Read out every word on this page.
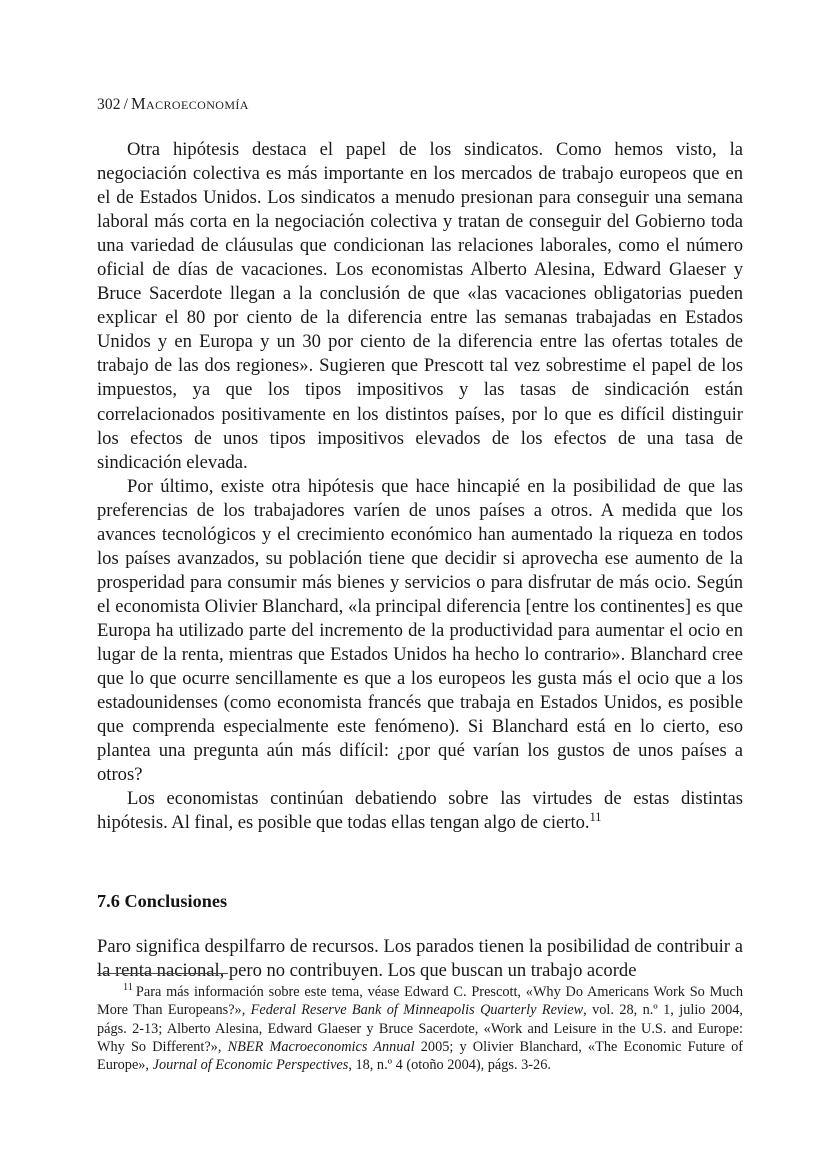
302 / Macroeconomía

Otra hipótesis destaca el papel de los sindicatos. Como hemos visto, la negociación colectiva es más importante en los mercados de trabajo europeos que en el de Estados Unidos. Los sindicatos a menudo presionan para conseguir una semana laboral más corta en la negociación colectiva y tratan de conseguir del Gobierno toda una variedad de cláusulas que condicionan las relaciones laborales, como el número oficial de días de vacaciones. Los economistas Alberto Alesina, Edward Glaeser y Bruce Sacerdote llegan a la conclusión de que «las vacaciones obligatorias pueden explicar el 80 por ciento de la diferencia entre las semanas trabajadas en Estados Unidos y en Europa y un 30 por ciento de la diferencia entre las ofertas totales de trabajo de las dos regiones». Sugieren que Prescott tal vez sobrestime el papel de los impuestos, ya que los tipos impositivos y las tasas de sindicación están correlacionados positivamente en los distintos países, por lo que es difícil distinguir los efectos de unos tipos impositivos elevados de los efectos de una tasa de sindicación elevada.

Por último, existe otra hipótesis que hace hincapié en la posibilidad de que las preferencias de los trabajadores varíen de unos países a otros. A medida que los avances tecnológicos y el crecimiento económico han aumentado la riqueza en todos los países avanzados, su población tiene que decidir si aprovecha ese aumento de la prosperidad para consumir más bienes y servicios o para disfrutar de más ocio. Según el economista Olivier Blanchard, «la principal diferencia [entre los continentes] es que Europa ha utilizado parte del incremento de la productividad para aumentar el ocio en lugar de la renta, mientras que Estados Unidos ha hecho lo contrario». Blanchard cree que lo que ocurre sencillamente es que a los europeos les gusta más el ocio que a los estadounidenses (como economista francés que trabaja en Estados Unidos, es posible que comprenda especialmente este fenómeno). Si Blanchard está en lo cierto, eso plantea una pregunta aún más difícil: ¿por qué varían los gustos de unos países a otros?

Los economistas continúan debatiendo sobre las virtudes de estas distintas hipótesis. Al final, es posible que todas ellas tengan algo de cierto.$^{11}$

7.6 Conclusiones

Paro significa despilfarro de recursos. Los parados tienen la posibilidad de contribuir a la renta nacional, pero no contribuyen. Los que buscan un trabajo acorde

$^{11}$ Para más información sobre este tema, véase Edward C. Prescott, «Why Do Americans Work So Much More Than Europeans?», Federal Reserve Bank of Minneapolis Quarterly Review, vol. 28, n.º 1, julio 2004, págs. 2-13; Alberto Alesina, Edward Glaeser y Bruce Sacerdote, «Work and Leisure in the U.S. and Europe: Why So Different?», NBER Macroeconomics Annual 2005; y Olivier Blanchard, «The Economic Future of Europe», Journal of Economic Perspectives, 18, n.º 4 (otoño 2004), págs. 3-26.
